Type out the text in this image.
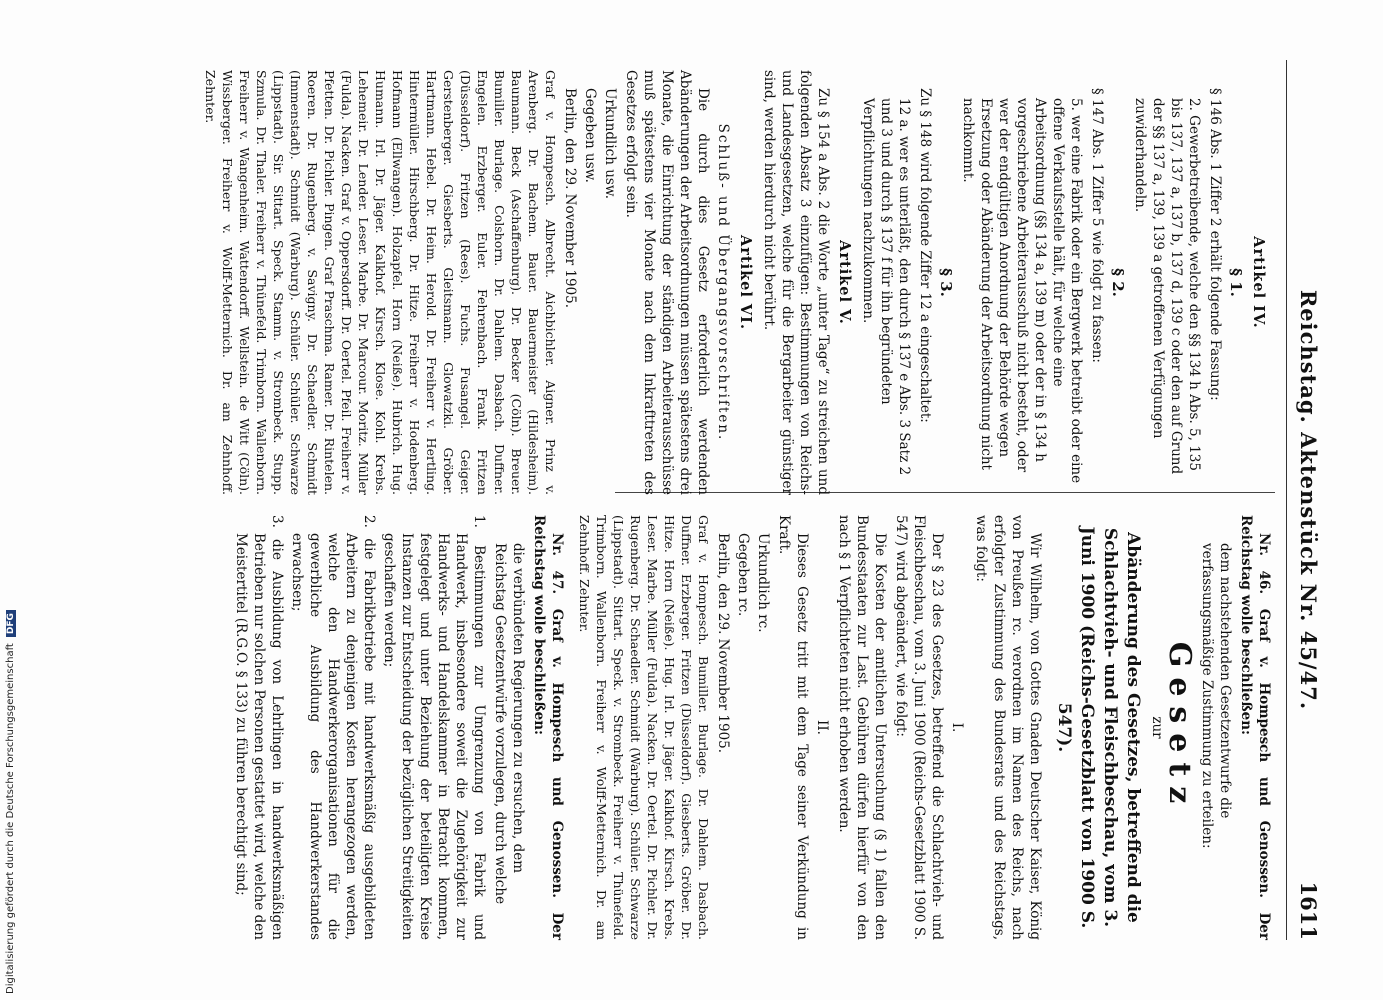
Reichstag. Aktenstück Nr. 45/47.
1611
Artikel IV.
§ 1.
§ 146 Abs. 1 Ziffer 2 erhält folgende Fassung:
2. Gewerbetreibende, welche den §§ 134 h Abs. 5, 135 bis 137, 137 a, 137 b, 137 d, 139 c oder den auf Grund der §§ 137 a, 139, 139 a getroffenen Verfügungen zuwiderhandeln.
§ 2.
§ 147 Abs. 1 Ziffer 5 wie folgt zu fassen:
5. wer eine Fabrik oder ein Bergwerk betreibt oder eine offene Verkaufsstelle hält, für welche eine Arbeitsordnung (§§ 134 a, 139 m) oder der in § 134 h vorgeschriebene Arbeiterausschuß nicht besteht, oder wer der endgültigen Anordnung der Behörde wegen Ersetzung oder Abänderung der Arbeitsordnung nicht nachkommt.
§ 3.
Zu § 148 wird folgende Ziffer 12 a eingeschaltet:
12 a. wer es unterläßt, den durch § 137 e Abs. 3 Satz 2 und 3 und durch § 137 f für ihn begründeten Verpflichtungen nachzukommen.
Artikel V.
Zu § 154 a Abs. 2 die Worte „unter Tage“ zu streichen und folgenden Absatz 3 einzufügen: Bestimmungen von Reichs- und Landesgesetzen, welche für die Bergarbeiter günstiger sind, werden hierdurch nicht berührt.
Artikel VI.
Schluß- und Übergangsvorschriften.
Die durch dies Gesetz erforderlich werdenden Abänderungen der Arbeitsordnungen müssen spätestens drei Monate, die Einrichtung der ständigen Arbeiterausschüsse muß spätestens vier Monate nach dem Inkrafttreten des Gesetzes erfolgt sein.
Urkundlich usw.
Gegeben usw.
Berlin, den 29. November 1905.
Graf v. Hompesch. Albrecht. Aichbichler. Aigner. Prinz v. Arenberg. Dr. Bachem. Bauer. Bauermeister (Hildesheim). Baumann. Beck (Aschaffenburg). Dr. Becker (Cöln). Breuer. Bumiller. Burlage. Colshorn. Dr. Dahlem. Dasbach. Duffner. Engelen. Erzberger. Euler. Fehrenbach. Frank. Fritzen (Düsseldorf). Fritzen (Rees). Fuchs. Fusangel. Geiger. Gerstenberger. Giesberts. Gleitsmann. Glowatzki. Gröber. Hartmann. Hebel. Dr. Heim. Herold. Dr. Freiherr v. Hertling. Hintermüller. Hirschberg. Dr. Hitze. Freiherr v. Hodenberg. Hofmann (Ellwangen). Holzapfel. Horn (Neiße). Hubrich. Hug. Humann. Irl. Dr. Jäger. Kalkhof. Kirsch. Klose. Kohl. Krebs. Lehemeir. Dr. Lender. Leser. Marbe. Dr. Marcour. Moritz. Müller (Fulda). Nacken. Graf v. Oppersdorff. Dr. Oertel. Pfeil. Freiherr v. Pfetten. Dr. Pichler. Pingen. Graf Praschma. Ramer. Dr. Rintelen. Roeren. Dr. Rugenberg. v. Savigny. Dr. Schaedler. Schmidt (Immenstadt). Schmidt (Warburg). Schüler. Schüler. Schwarze (Lippstadt). Sir. Sittart. Speck. Stamm. v. Strombeck. Stupp. Szmula. Dr. Thaler. Freiherr v. Thünefeld. Trimborn. Wallenborn. Freiherr v. Wangenheim. Wattendorff. Wellstein. de Witt (Cöln). Wissberger. Freiherr v. Wolff-Metternich. Dr. am Zehnhoff. Zehnter.
Nr. 46. Graf v. Hompesch und Genossen. Der Reichstag wolle beschließen:
dem nachstehenden Gesetzentwurfe die verfassungsmäßige Zustimmung zu erteilen:
Gesetz
zur
Abänderung des Gesetzes, betreffend die Schlachtvieh- und Fleischbeschau, vom 3. Juni 1900 (Reichs-Gesetzblatt von 1900 S. 547).
Wir Wilhelm, von Gottes Gnaden Deutscher Kaiser, König von Preußen rc. verordnen im Namen des Reichs, nach erfolgter Zustimmung des Bundesrats und des Reichstags, was folgt:
I.
Der § 23 des Gesetzes, betreffend die Schlachtvieh- und Fleischbeschau, vom 3. Juni 1900 (Reichs-Gesetzblatt 1900 S. 547) wird abgeändert, wie folgt:
Die Kosten der amtlichen Untersuchung (§ 1) fallen den Bundesstaaten zur Last. Gebühren dürfen hierfür von den nach § 1 Verpflichteten nicht erhoben werden.
II.
Dieses Gesetz tritt mit dem Tage seiner Verkündung in Kraft.
Urkundlich rc.
Gegeben rc.
Berlin, den 29. November 1905.
Graf v. Hompesch. Bumiller. Burlage. Dr. Dahlem. Dasbach. Duffner. Erzberger. Fritzen (Düsseldorf). Giesberts. Gröber. Dr. Hitze. Horn (Neiße). Hug. Irl. Dr. Jäger. Kalkhof. Kirsch. Krebs. Leser. Marbe. Müller (Fulda). Nacken. Dr. Oertel. Dr. Pichler. Dr. Rugenberg. Dr. Schaedler. Schmidt (Warburg). Schüler. Schwarze (Lippstadt). Sittart. Speck. v. Strombeck. Freiherr v. Thünefeld. Trimborn. Wallenborn. Freiherr v. Wolff-Metternich. Dr. am Zehnhoff. Zehnter.
Nr. 47. Graf v. Hompesch und Genossen. Der Reichstag wolle beschließen:
die verbündeten Regierungen zu ersuchen, dem Reichstag Gesetzentwürfe vorzulegen, durch welche
1. Bestimmungen zur Umgrenzung von Fabrik und Handwerk, insbesondere soweit die Zugehörigkeit zur Handwerks- und Handelskammer in Betracht kommen, festgelegt und unter Beziehung der beteiligten Kreise Instanzen zur Entscheidung der bezüglichen Streitigkeiten geschaffen werden;
2. die Fabrikbetriebe mit handwerksmäßig ausgebildeten Arbeitern zu denjenigen Kosten herangezogen werden, welche den Handwerkerorganisationen für die gewerbliche Ausbildung des Handwerkerstandes erwachsen;
3. die Ausbildung von Lehrlingen in handwerksmäßigen Betrieben nur solchen Personen gestattet wird, welche den Meistertitel (R.G.O. § 133) zu führen berechtigt sind;
Digitalisierung gefördert durch die Deutsche ForschungsgemeinschaftDFG
